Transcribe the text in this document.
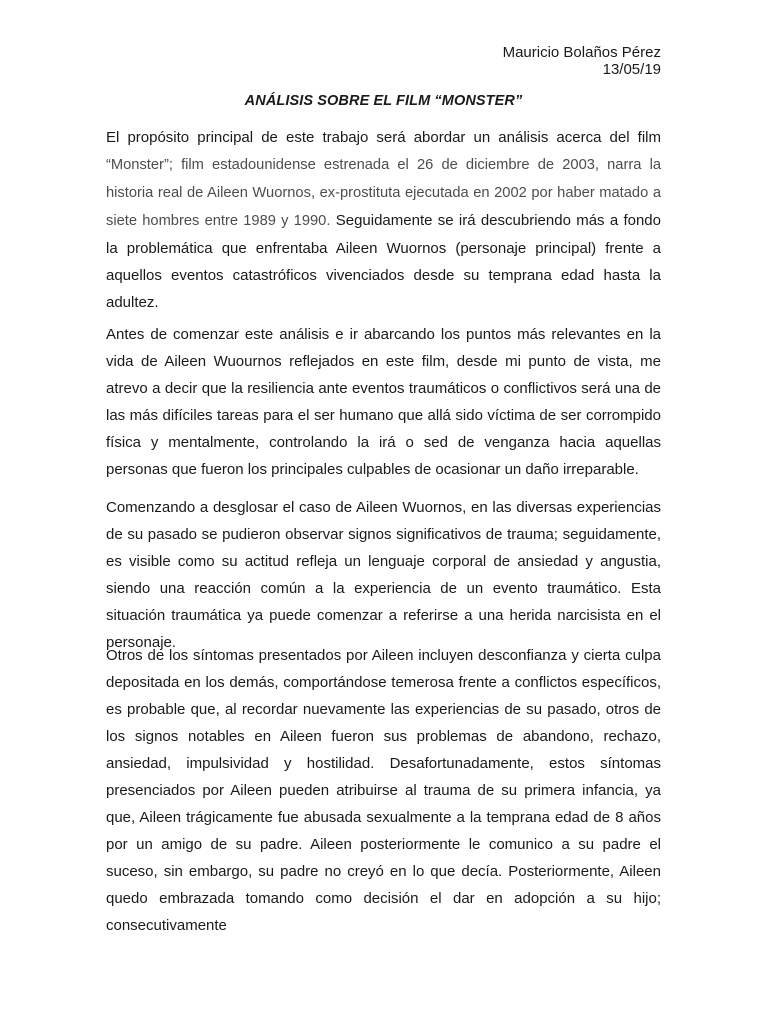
Mauricio Bolaños Pérez
13/05/19
ANÁLISIS SOBRE EL FILM “MONSTER”

El propósito principal de este trabajo será abordar un análisis acerca del film “Monster”; film estadounidense estrenada el 26 de diciembre de 2003, narra la historia real de Aileen Wuornos, ex-prostituta ejecutada en 2002 por haber matado a siete hombres entre 1989 y 1990. Seguidamente se irá descubriendo más a fondo la problemática que enfrentaba Aileen Wuornos (personaje principal) frente a aquellos eventos catastróficos vivenciados desde su temprana edad hasta la adultez.

Antes de comenzar este análisis e ir abarcando los puntos más relevantes en la vida de Aileen Wuournos reflejados en este film, desde mi punto de vista, me atrevo a decir que la resiliencia ante eventos traumáticos o conflictivos será una de las más difíciles tareas para el ser humano que allá sido víctima de ser corrompido física y mentalmente, controlando la irá o sed de venganza hacia aquellas personas que fueron los principales culpables de ocasionar un daño irreparable.

Comenzando a desglosar el caso de Aileen Wuornos, en las diversas experiencias de su pasado se pudieron observar signos significativos de trauma; seguidamente, es visible como su actitud refleja un lenguaje corporal de ansiedad y angustia, siendo una reacción común a la experiencia de un evento traumático. Esta situación traumática ya puede comenzar a referirse a una herida narcisista en el personaje.

Otros de los síntomas presentados por Aileen incluyen desconfianza y cierta culpa depositada en los demás, comportándose temerosa frente a conflictos específicos, es probable que, al recordar nuevamente las experiencias de su pasado, otros de los signos notables en Aileen fueron sus problemas de abandono, rechazo, ansiedad, impulsividad y hostilidad. Desafortunadamente, estos síntomas presenciados por Aileen pueden atribuirse al trauma de su primera infancia, ya que, Aileen trágicamente fue abusada sexualmente a la temprana edad de 8 años por un amigo de su padre. Aileen posteriormente le comunico a su padre el suceso, sin embargo, su padre no creyó en lo que decía. Posteriormente, Aileen quedo embrazada tomando como decisión el dar en adopción a su hijo; consecutivamente
